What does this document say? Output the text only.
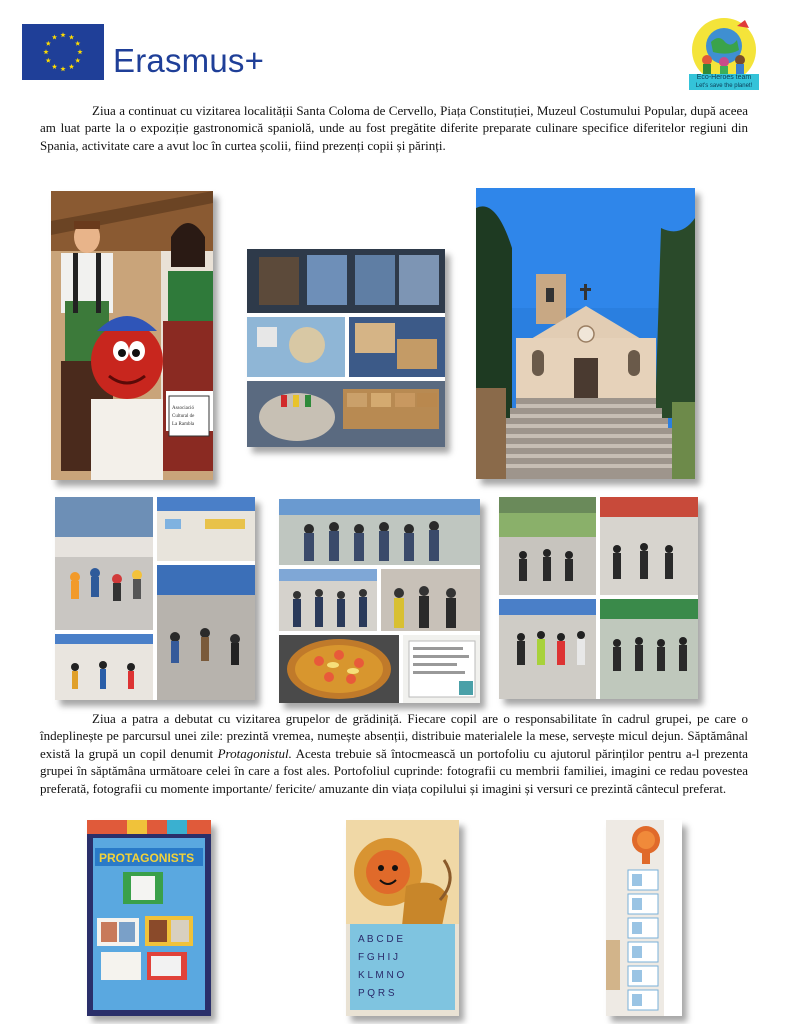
Erasmus+	Eco-Heroes team
Let's save the planet!
Ziua a continuat cu vizitarea localității Santa Coloma de Cervello, Piața Constituției, Muzeul Costumului Popular, după aceea am luat parte la o expoziție gastronomică spaniolă, unde au fost pregătite diferite preparate culinare specifice diferitelor regiuni din Spania, activitate care a avut loc în curtea școlii, fiind prezenți copii și părinți.
Associació
Cultural de
La Rambla
Ziua a patra a debutat cu vizitarea grupelor de grădiniță. Fiecare copil are o responsabilitate în cadrul grupei, pe care o îndeplinește pe parcursul unei zile: prezintă vremea, numește absenții, distribuie materialele la mese, servește micul dejun. Săptămânal există la grupă un copil denumit Protagonistul. Acesta trebuie să întocmească un portofoliu cu ajutorul părinților pentru a-l prezenta grupei în săptămâna următoare celei în care a fost ales. Portofoliul cuprinde: fotografii cu membrii familiei, imagini ce redau povestea preferată, fotografii cu momente importante/ fericite/ amuzante din viața copilului și imagini și versuri ce prezintă cântecul preferat.
PROTAGONISTS
A B C D E
F G H I J
K L M N O
P Q R S
